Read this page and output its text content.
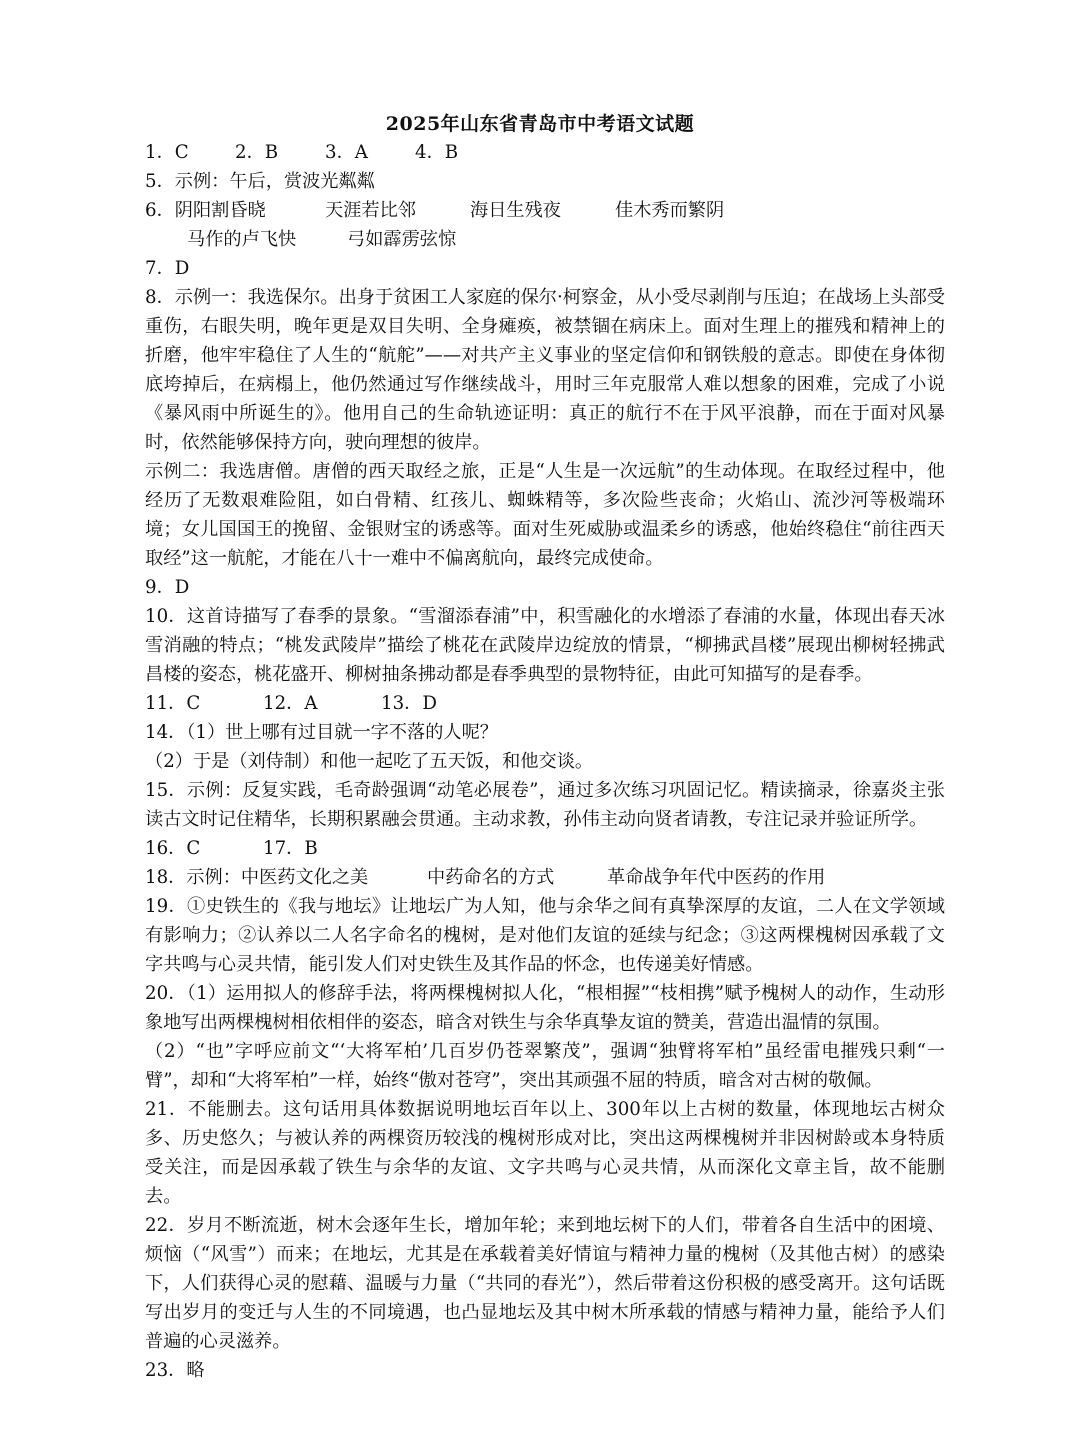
2025年山东省青岛市中考语文试题
1．C	2．B	3．A	4．B
5．示例：午后，赏波光粼粼
6．阴阳割昏晓	天涯若比邻	海日生残夜	佳木秀而繁阴
马作的卢飞快	弓如霹雳弦惊
7．D
8．示例一：我选保尔。出身于贫困工人家庭的保尔·柯察金，从小受尽剥削与压迫；在战场上头部受重伤，右眼失明，晚年更是双目失明、全身瘫痪，被禁锢在病床上。面对生理上的摧残和精神上的折磨，他牢牢稳住了人生的“航舵”——对共产主义事业的坚定信仰和钢铁般的意志。即使在身体彻底垮掉后，在病榻上，他仍然通过写作继续战斗，用时三年克服常人难以想象的困难，完成了小说《暴风雨中所诞生的》。他用自己的生命轨迹证明：真正的航行不在于风平浪静，而在于面对风暴时，依然能够保持方向，驶向理想的彼岸。
示例二：我选唐僧。唐僧的西天取经之旅，正是“人生是一次远航”的生动体现。在取经过程中，他经历了无数艰难险阻，如白骨精、红孩儿、蜘蛛精等，多次险些丧命；火焰山、流沙河等极端环境；女儿国国王的挽留、金银财宝的诱惑等。面对生死威胁或温柔乡的诱惑，他始终稳住“前往西天取经”这一航舵，才能在八十一难中不偏离航向，最终完成使命。
9．D
10．这首诗描写了春季的景象。“雪溜添春浦”中，积雪融化的水增添了春浦的水量，体现出春天冰雪消融的特点；“桃发武陵岸”描绘了桃花在武陵岸边绽放的情景，“柳拂武昌楼”展现出柳树轻拂武昌楼的姿态，桃花盛开、柳树抽条拂动都是春季典型的景物特征，由此可知描写的是春季。
11．C	12．A	13．D
14．（1）世上哪有过目就一字不落的人呢？
（2）于是（刘侍制）和他一起吃了五天饭，和他交谈。
15．示例：反复实践，毛奇龄强调“动笔必展卷”，通过多次练习巩固记忆。精读摘录，徐嘉炎主张读古文时记住精华，长期积累融会贯通。主动求教，孙伟主动向贤者请教，专注记录并验证所学。
16．C	17．B
18．示例：中医药文化之美	中药命名的方式	革命战争年代中医药的作用
19．①史铁生的《我与地坛》让地坛广为人知，他与余华之间有真挚深厚的友谊，二人在文学领域有影响力；②认养以二人名字命名的槐树，是对他们友谊的延续与纪念；③这两棵槐树因承载了文字共鸣与心灵共情，能引发人们对史铁生及其作品的怀念，也传递美好情感。
20．（1）运用拟人的修辞手法，将两棵槐树拟人化，“根相握”“枝相携”赋予槐树人的动作，生动形象地写出两棵槐树相依相伴的姿态，暗含对铁生与余华真挚友谊的赞美，营造出温情的氛围。
（2）“也”字呼应前文“‘大将军柏’几百岁仍苍翠繁茂”，强调“独臂将军柏”虽经雷电摧残只剩“一臂”，却和“大将军柏”一样，始终“傲对苍穹”，突出其顽强不屈的特质，暗含对古树的敬佩。
21．不能删去。这句话用具体数据说明地坛百年以上、300年以上古树的数量，体现地坛古树众多、历史悠久；与被认养的两棵资历较浅的槐树形成对比，突出这两棵槐树并非因树龄或本身特质受关注，而是因承载了铁生与余华的友谊、文字共鸣与心灵共情，从而深化文章主旨，故不能删去。
22．岁月不断流逝，树木会逐年生长，增加年轮；来到地坛树下的人们，带着各自生活中的困境、烦恼（“风雪”）而来；在地坛，尤其是在承载着美好情谊与精神力量的槐树（及其他古树）的感染下，人们获得心灵的慰藉、温暖与力量（“共同的春光”），然后带着这份积极的感受离开。这句话既写出岁月的变迁与人生的不同境遇，也凸显地坛及其中树木所承载的情感与精神力量，能给予人们普遍的心灵滋养。
23．略
